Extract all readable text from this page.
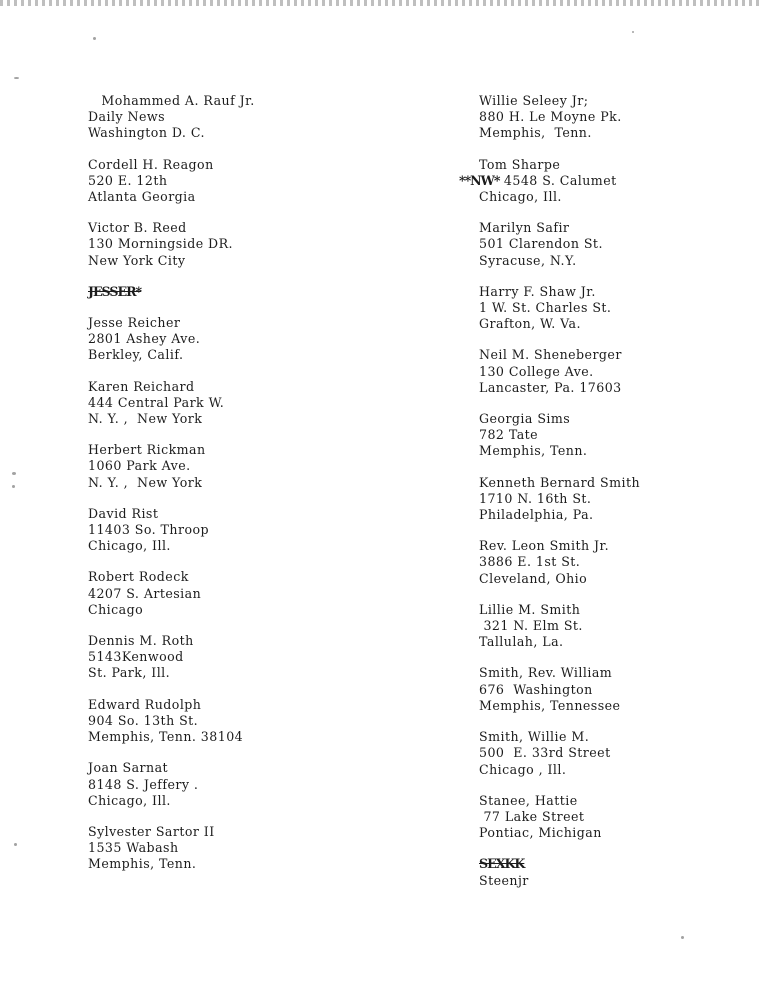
Mohammed A. Rauf Jr.
Daily News
Washington D. C.
Cordell H. Reagon
520 E. 12th
Atlanta Georgia
Victor B. Reed
130 Morningside DR.
New York City
JESSER*
Jesse Reicher
2801 Ashey Ave.
Berkley, Calif.
Karen Reichard
444 Central Park W.
N. Y. ,  New York
Herbert Rickman
1060 Park Ave.
N. Y. ,  New York
David Rist
11403 So. Throop
Chicago, Ill.
Robert Rodeck
4207 S. Artesian
Chicago
Dennis M. Roth
5143Kenwood
St. Park, Ill.
Edward Rudolph
904 So. 13th St.
Memphis, Tenn. 38104
Joan Sarnat
8148 S. Jeffery .
Chicago, Ill.
Sylvester Sartor II
1535 Wabash
Memphis, Tenn.
Willie Seleey Jr;
880 H. Le Moyne Pk.
Memphis,  Tenn.
Tom Sharpe
**NW* 4548 S. Calumet
Chicago, Ill.
Marilyn Safir
501 Clarendon St.
Syracuse, N.Y.
Harry F. Shaw Jr.
1 W. St. Charles St.
Grafton, W. Va.
Neil M. Sheneberger
130 College Ave.
Lancaster, Pa. 17603
Georgia Sims
782 Tate
Memphis, Tenn.
Kenneth Bernard Smith
1710 N. 16th St.
Philadelphia, Pa.
Rev. Leon Smith Jr.
3886 E. 1st St.
Cleveland, Ohio
Lillie M. Smith
321 N. Elm St.
Tallulah, La.
Smith, Rev. William
676  Washington
Memphis, Tennessee
Smith, Willie M.
500  E. 33rd Street
Chicago , Ill.
Stanee, Hattie
77 Lake Street
Pontiac, Michigan
SEXKK
Steenjr
